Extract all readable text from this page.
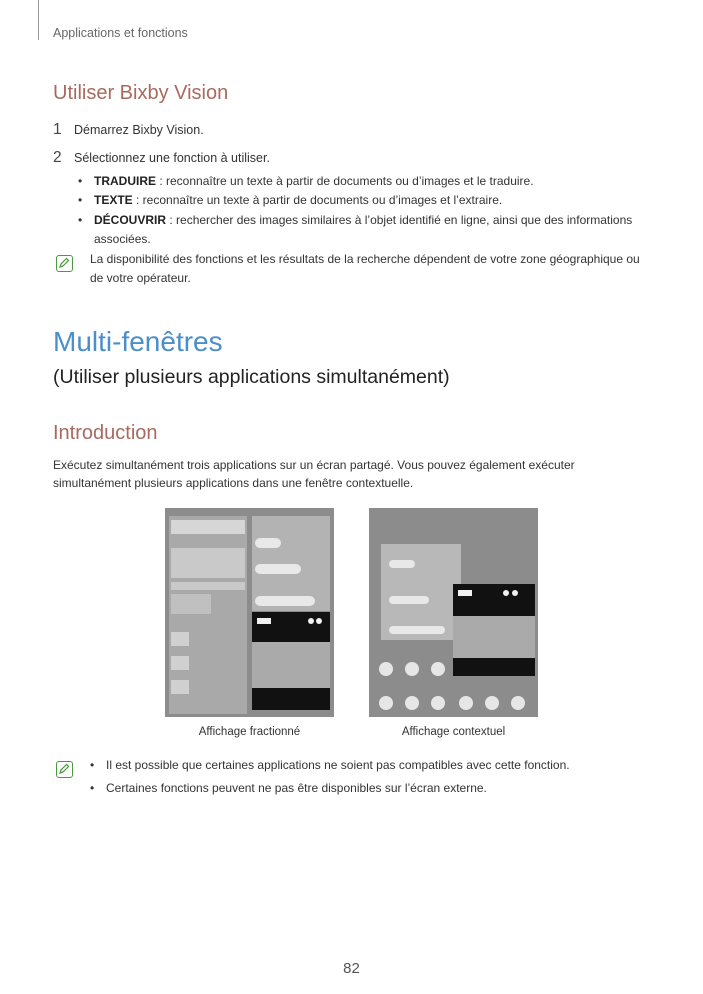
Applications et fonctions
Utiliser Bixby Vision
1 Démarrez Bixby Vision.
2 Sélectionnez une fonction à utiliser.
• TRADUIRE : reconnaître un texte à partir de documents ou d’images et le traduire.
• TEXTE : reconnaître un texte à partir de documents ou d’images et l’extraire.
• DÉCOUVRIR : rechercher des images similaires à l’objet identifié en ligne, ainsi que des informations associées.
La disponibilité des fonctions et les résultats de la recherche dépendent de votre zone géographique ou de votre opérateur.
Multi-fenêtres
(Utiliser plusieurs applications simultanément)
Introduction
Exécutez simultanément trois applications sur un écran partagé. Vous pouvez également exécuter simultanément plusieurs applications dans une fenêtre contextuelle.
Affichage fractionné	Affichage contextuel
• Il est possible que certaines applications ne soient pas compatibles avec cette fonction.
• Certaines fonctions peuvent ne pas être disponibles sur l’écran externe.
82
